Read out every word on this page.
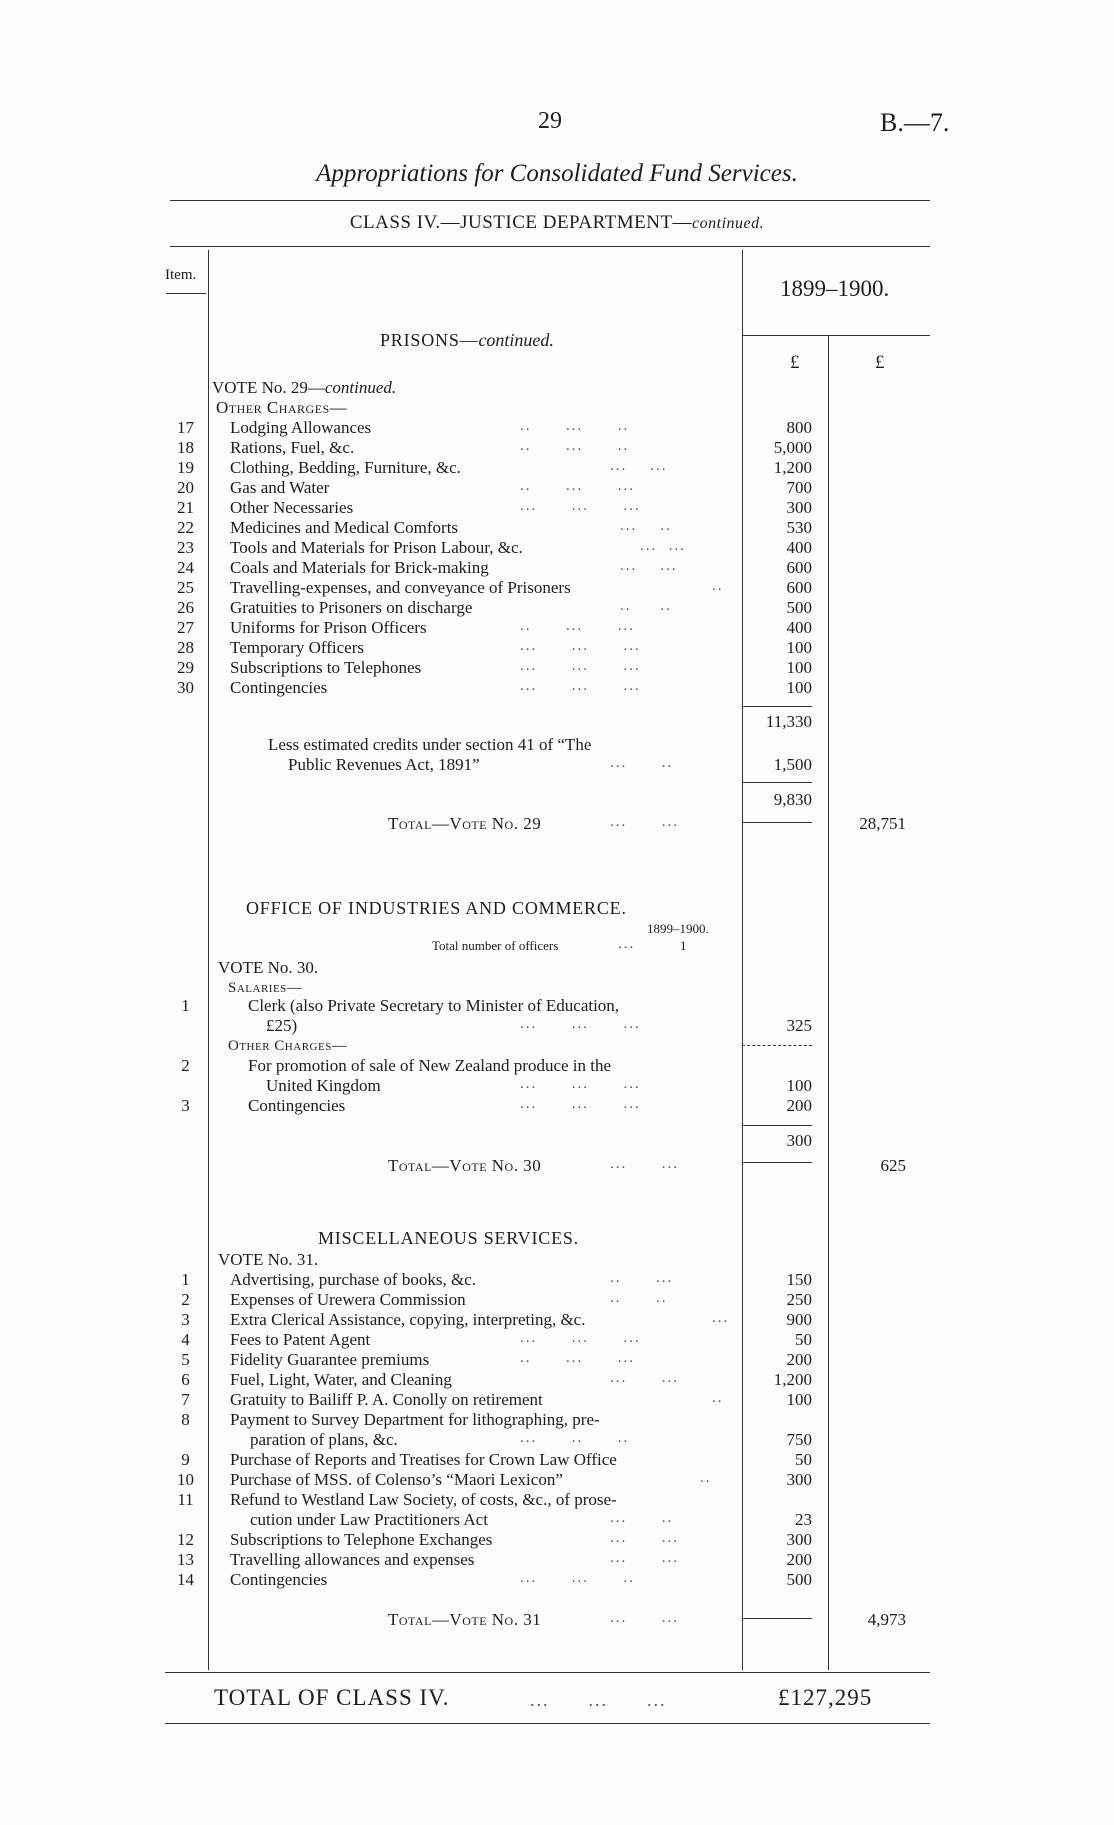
29	B.—7.
Appropriations for Consolidated Fund Services.
CLASS IV.—JUSTICE DEPARTMENT—continued.
Item.
1899–1900.
£	£
PRISONS—continued.
VOTE No. 29—continued.
Other Charges—
17	Lodging Allowances	..      ...      ..	800
18	Rations, Fuel, &c.	..      ...      ..	5,000
19	Clothing, Bedding, Furniture, &c.	...    ...	1,200
20	Gas and Water	..      ...      ...	700
21	Other Necessaries	...      ...      ...	300
22	Medicines and Medical Comforts	...    ..	530
23	Tools and Materials for Prison Labour, &c.	...  ...	400
24	Coals and Materials for Brick-making	...    ...	600
25	Travelling-expenses, and conveyance of Prisoners	..	600
26	Gratuities to Prisoners on discharge	..     ..	500
27	Uniforms for Prison Officers	..      ...      ...	400
28	Temporary Officers	...      ...      ...	100
29	Subscriptions to Telephones	...      ...      ...	100
30	Contingencies	...      ...      ...	100
11,330
Less estimated credits under section 41 of “The
Public Revenues Act, 1891”	...      ..	1,500
9,830
Total—Vote No. 29	...      ...	28,751
OFFICE OF INDUSTRIES AND COMMERCE.
1899–1900.
Total number of officers	...	1
VOTE No. 30.
Salaries—
1	Clerk (also Private Secretary to Minister of Education,
£25)	...      ...      ...	325
Other Charges—
2	For promotion of sale of New Zealand produce in the
United Kingdom	...      ...      ...	100
3	Contingencies	...      ...      ...	200
300
Total—Vote No. 30	...      ...	625
MISCELLANEOUS SERVICES.
VOTE No. 31.
1	Advertising, purchase of books, &c.	..      ...	150
2	Expenses of Urewera Commission	..      ..	250
3	Extra Clerical Assistance, copying, interpreting, &c.	...	900
4	Fees to Patent Agent	...      ...      ...	50
5	Fidelity Guarantee premiums	..      ...      ...	200
6	Fuel, Light, Water, and Cleaning	...      ...	1,200
7	Gratuity to Bailiff P. A. Conolly on retirement	..	100
8	Payment to Survey Department for lithographing, pre-
paration of plans, &c.	...      ..      ..	750
9	Purchase of Reports and Treatises for Crown Law Office	50
10	Purchase of MSS. of Colenso’s “Maori Lexicon”	..	300
11	Refund to Westland Law Society, of costs, &c., of prose-
cution under Law Practitioners Act	...      ..	23
12	Subscriptions to Telephone Exchanges	...      ...	300
13	Travelling allowances and expenses	...      ...	200
14	Contingencies	...      ...      ..	500
Total—Vote No. 31	...      ...	4,973
TOTAL OF CLASS IV.	...      ...      ...	£127,295
